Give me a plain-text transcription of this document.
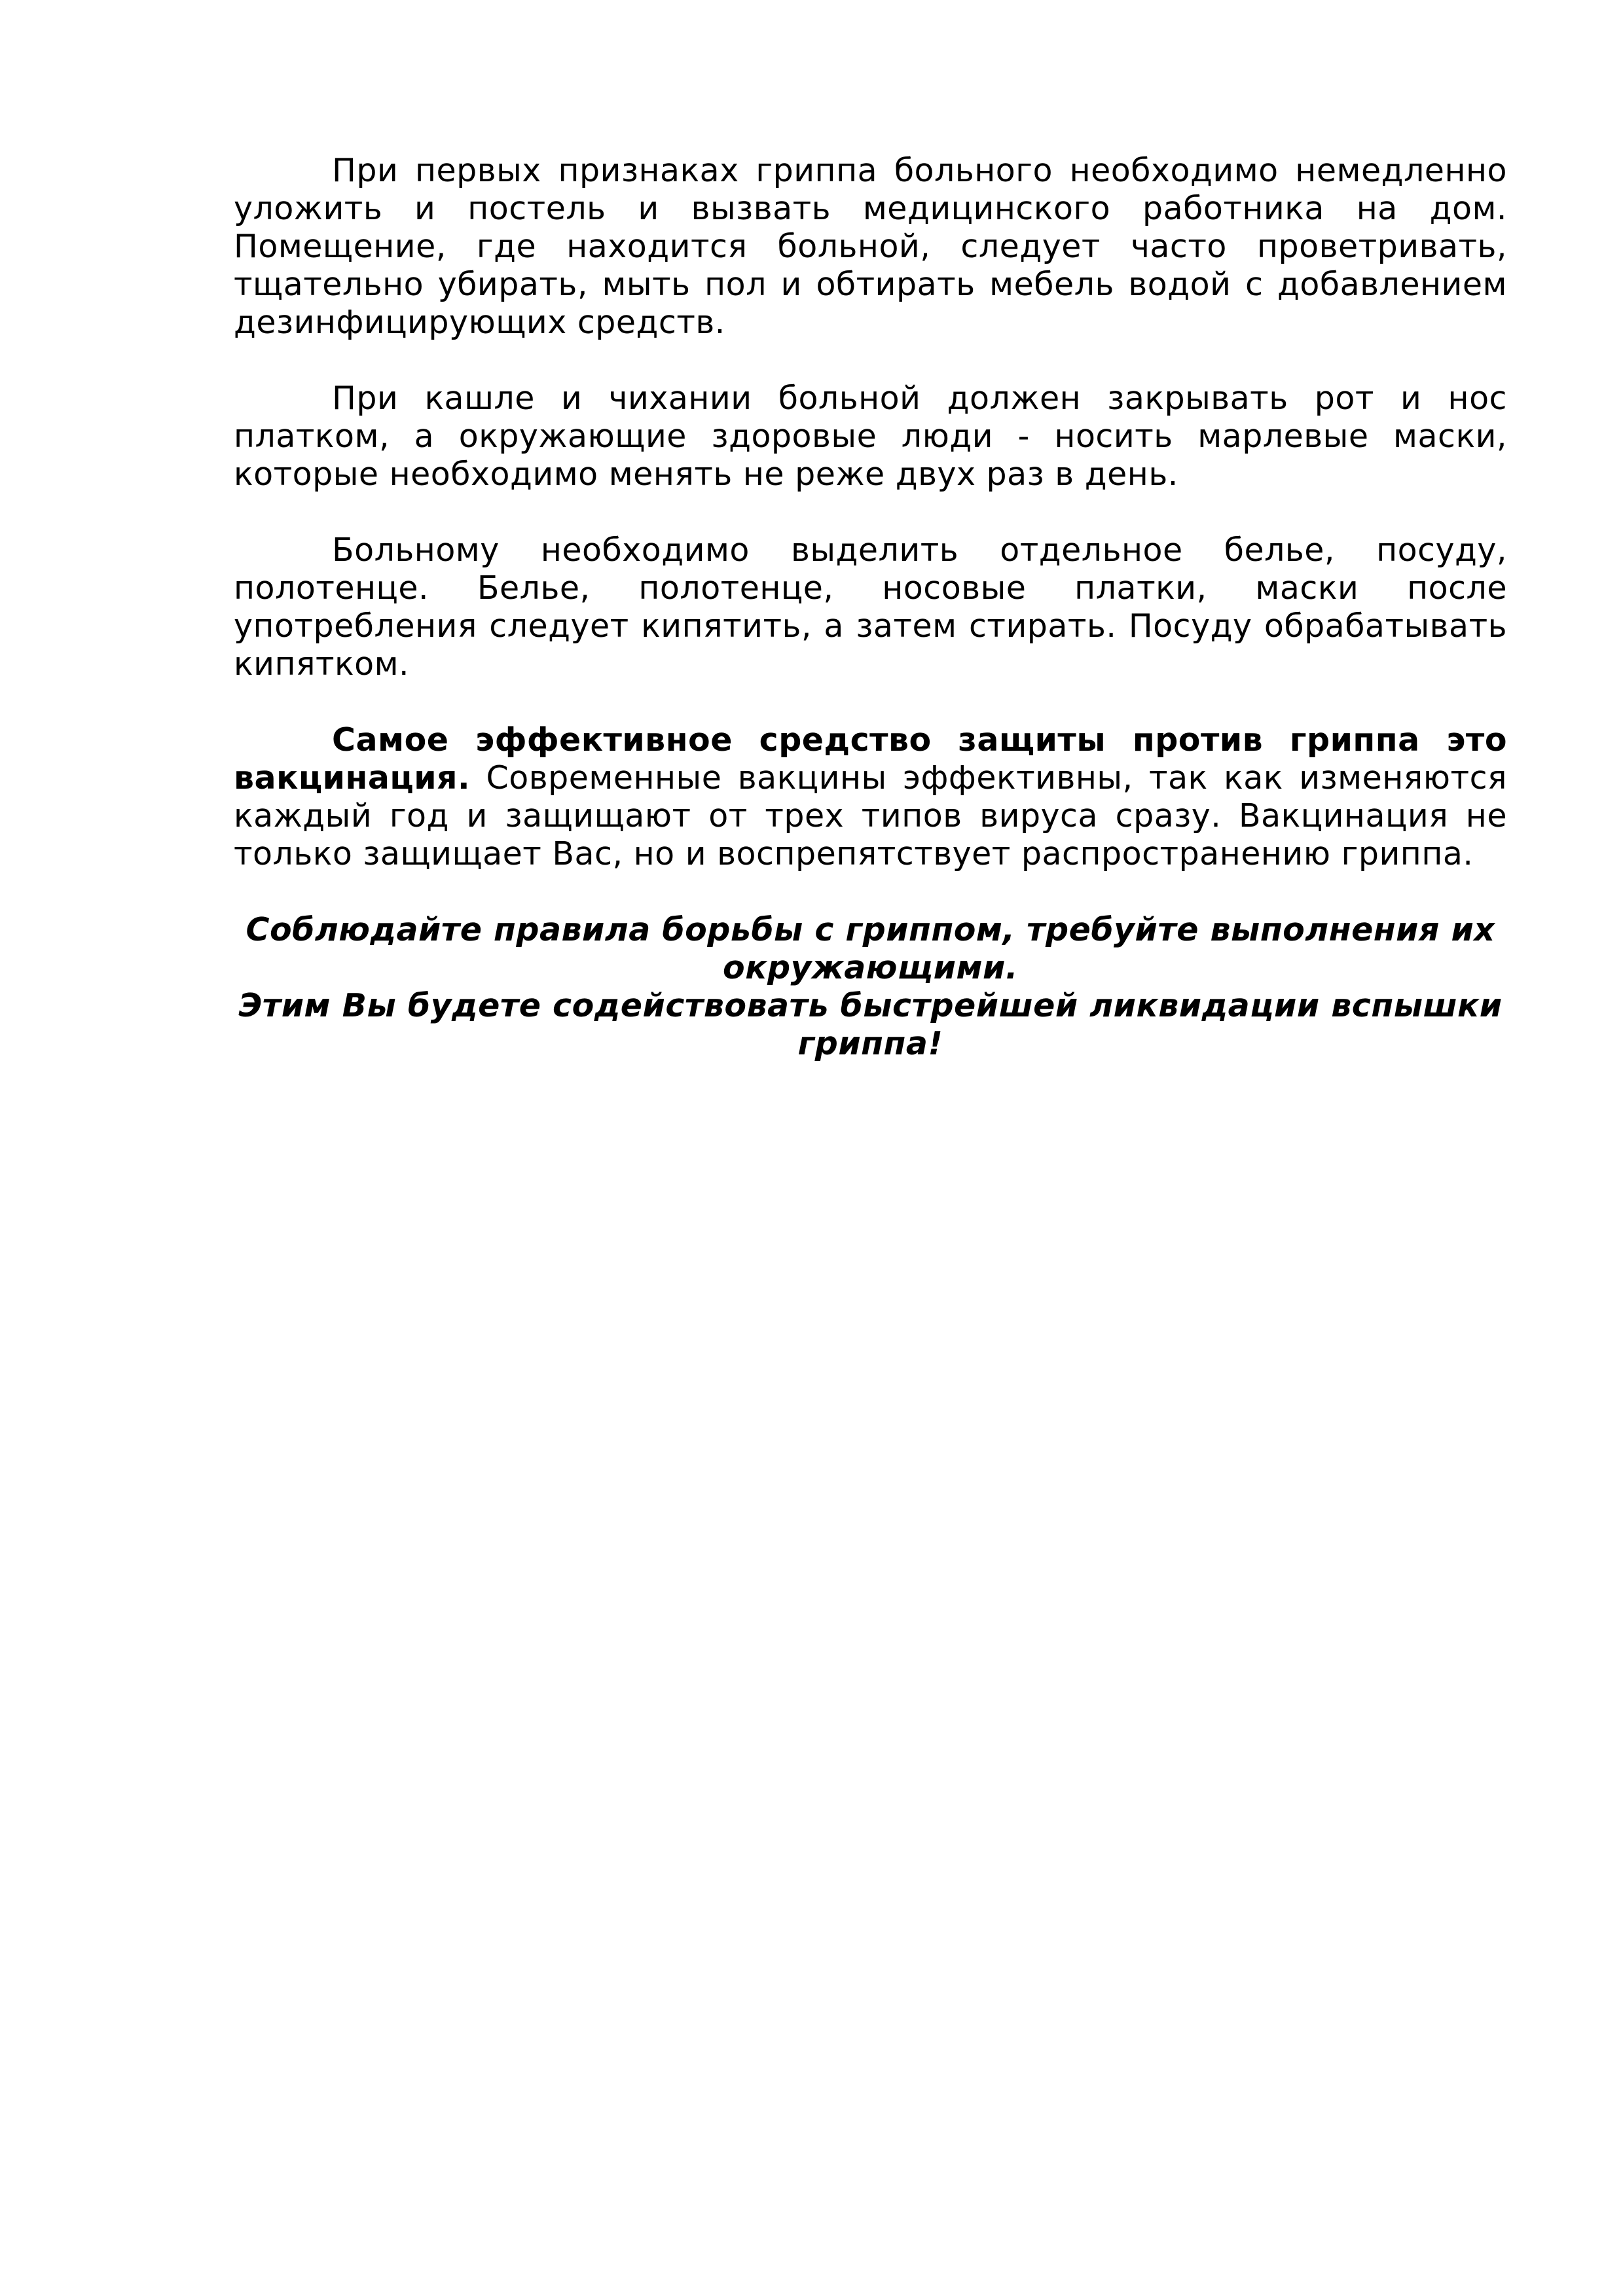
При первых признаках гриппа больного необходимо немедленно уложить и постель и вызвать медицинского работника на дом. Помещение, где находится больной, следует часто проветривать, тщательно убирать, мыть пол и обтирать мебель водой с добавлением дезинфицирующих средств.

При кашле и чихании больной должен закрывать рот и нос платком, а окружающие здоровые люди - носить марлевые маски, которые необходимо менять не реже двух раз в день.

Больному необходимо выделить отдельное белье, посуду, полотенце. Белье, полотенце, носовые платки, маски после употребления следует кипятить, а затем стирать. Посуду обрабатывать кипятком.

Самое эффективное средство защиты против гриппа это вакцинация. Современные вакцины эффективны, так как изменяются каждый год и защищают от трех типов вируса сразу. Вакцинация не только защищает Вас, но и воспрепятствует распространению гриппа.

Соблюдайте правила борьбы с гриппом, требуйте выполнения их окружающими.

Этим Вы будете содействовать быстрейшей ликвидации вспышки гриппа!
